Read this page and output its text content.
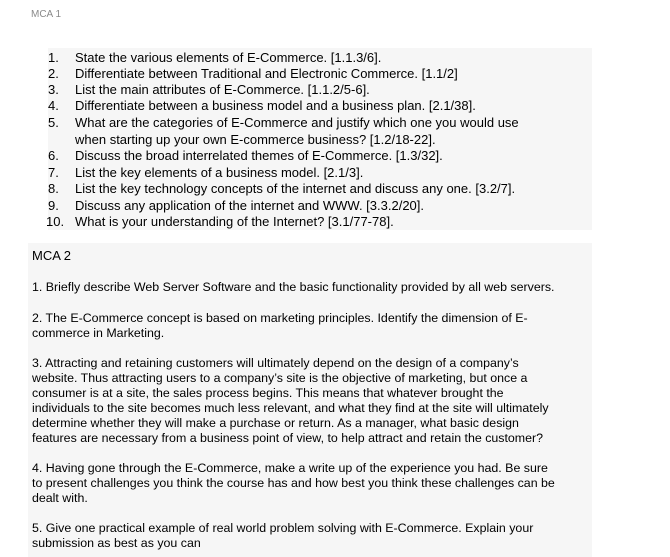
MCA 1
1.	State the various elements of E-Commerce. [1.1.3/6].
2.	Differentiate between Traditional and Electronic Commerce. [1.1/2]
3.	List the main attributes of E-Commerce. [1.1.2/5-6].
4.	Differentiate between a business model and a business plan. [2.1/38].
5.	What are the categories of E-Commerce and justify which one you would use
when starting up your own E-commerce business? [1.2/18-22].
6.	Discuss the broad interrelated themes of E-Commerce. [1.3/32].
7.	List the key elements of a business model. [2.1/3].
8.	List the key technology concepts of the internet and discuss any one. [3.2/7].
9.	Discuss any application of the internet and WWW. [3.3.2/20].
10. What is your understanding of the Internet? [3.1/77-78].
MCA 2
1. Briefly describe Web Server Software and the basic functionality provided by all web servers.
2. The E-Commerce concept is based on marketing principles. Identify the dimension of E-
commerce in Marketing.
3. Attracting and retaining customers will ultimately depend on the design of a company’s
website. Thus attracting users to a company’s site is the objective of marketing, but once a
consumer is at a site, the sales process begins. This means that whatever brought the
individuals to the site becomes much less relevant, and what they find at the site will ultimately
determine whether they will make a purchase or return. As a manager, what basic design
features are necessary from a business point of view, to help attract and retain the customer?
4. Having gone through the E-Commerce, make a write up of the experience you had. Be sure
to present challenges you think the course has and how best you think these challenges can be
dealt with.
5. Give one practical example of real world problem solving with E-Commerce. Explain your
submission as best as you can
